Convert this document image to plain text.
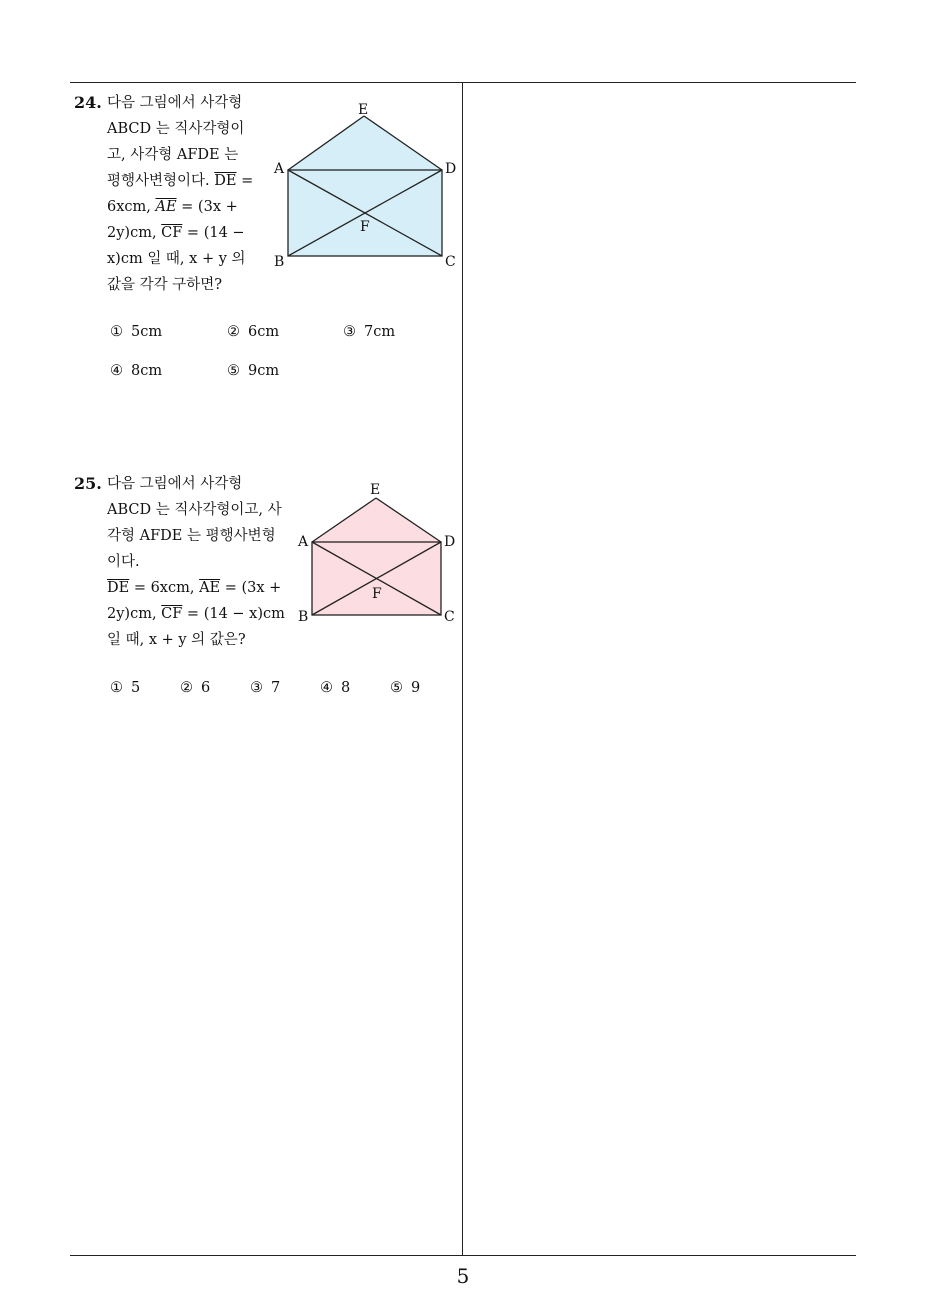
24. 다음 그림에서 사각형
ABCD 는 직사각형이
고, 사각형 AFDE 는
평행사변형이다. $\overline{DE}$ =
6xcm, $\overline{AE} = (3x$ +
2y)cm, $\overline{CF} = (14$ −
x)cm 일 때, x + y 의
값을 각각 구하면?
E
A	D
B	C
F
① 5cm	② 6cm	③ 7cm
④ 8cm	⑤ 9cm
25. 다음 그림에서 사각형
ABCD 는 직사각형이고, 사
각형 AFDE 는 평행사변형
이다.
$\overline{DE} = 6xcm$, $\overline{AE} = (3x$ +
2y)cm, $\overline{CF} = (14 - x)cm$
일 때, x + y 의 값은?
E
A	D
B	C
F
① 5	② 6	③ 7	④ 8	⑤ 9
5
